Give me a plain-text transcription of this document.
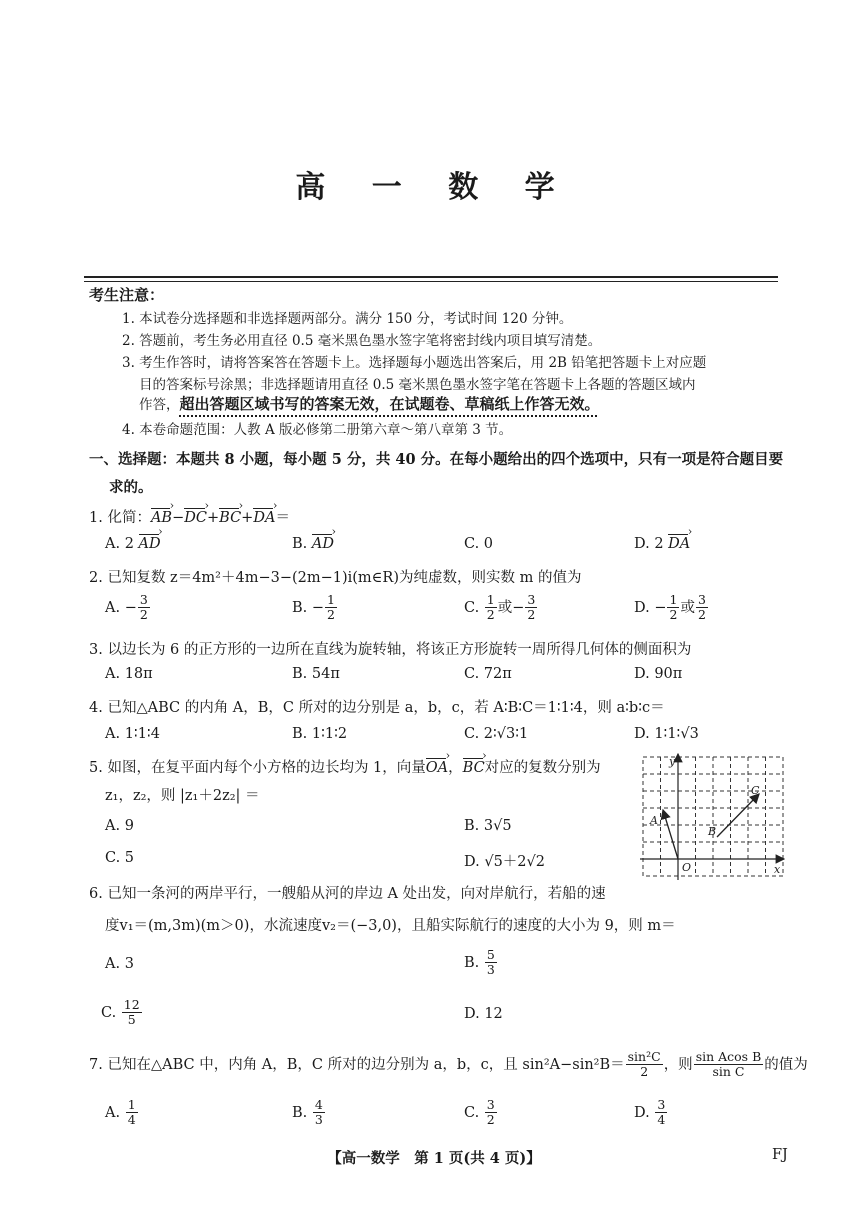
高 一 数 学
考生注意：
1. 本试卷分选择题和非选择题两部分。满分 150 分，考试时间 120 分钟。
2. 答题前，考生务必用直径 0.5 毫米黑色墨水签字笔将密封线内项目填写清楚。
3. 考生作答时，请将答案答在答题卡上。选择题每小题选出答案后，用 2B 铅笔把答题卡上对应题
目的答案标号涂黑；非选择题请用直径 0.5 毫米黑色墨水签字笔在答题卡上各题的答题区域内
作答，超出答题区域书写的答案无效，在试题卷、草稿纸上作答无效。
4. 本卷命题范围：人教 A 版必修第二册第六章～第八章第 3 节。
一、选择题：本题共 8 小题，每小题 5 分，共 40 分。在每小题给出的四个选项中，只有一项是符合题目要
求的。
1. 化简：AB ›−DC ›+BC ›+DA ›＝
A. 2 AD ›	B. AD ›	C. 0	D. 2 DA ›
2. 已知复数 z＝4m²＋4m−3−(2m−1)i(m∈R)为纯虚数，则实数 m 的值为
A. − $\frac{3}{2}$	B. − $\frac{1}{2}$	C. $\frac{1}{2}$ 或− $\frac{3}{2}$	D. − $\frac{1}{2}$ 或 $\frac{3}{2}$
3. 以边长为 6 的正方形的一边所在直线为旋转轴，将该正方形旋转一周所得几何体的侧面积为
A. 18π	B. 54π	C. 72π	D. 90π
4. 已知△ABC 的内角 A，B，C 所对的边分别是 a，b，c，若 A∶B∶C＝1∶1∶4，则 a∶b∶c＝
A. 1∶1∶4	B. 1∶1∶2	C. 2∶√3∶1	D. 1∶1∶√3
5. 如图，在复平面内每个小方格的边长均为 1，向量OA ›，BC ›对应的复数分别为
z₁，z₂，则 |z₁＋2z₂| ＝
A. 9	B. 3√5
C. 5	D. √5＋2√2
y
x
O
A
B
C
6. 已知一条河的两岸平行，一艘船从河的岸边 A 处出发，向对岸航行，若船的速
度v₁＝(m,3m)(m＞0)，水流速度v₂＝(−3,0)，且船实际航行的速度的大小为 9，则 m＝
A. 3	B. $\frac{5}{3}$
C. $\frac{12}{5}$	D. 12
7. 已知在△ABC 中，内角 A，B，C 所对的边分别为 a，b，c，且 $\sin^2A-\sin^2B= \frac{\text{sin²C}}{2}$ ，则 $\frac{\text{sin Acos B}}{\text{sin C}}$ 的值为
A. $\frac{1}{4}$	B. $\frac{4}{3}$	C. $\frac{3}{2}$	D. $\frac{3}{4}$
【高一数学　第 1 页(共 4 页)】	FJ
